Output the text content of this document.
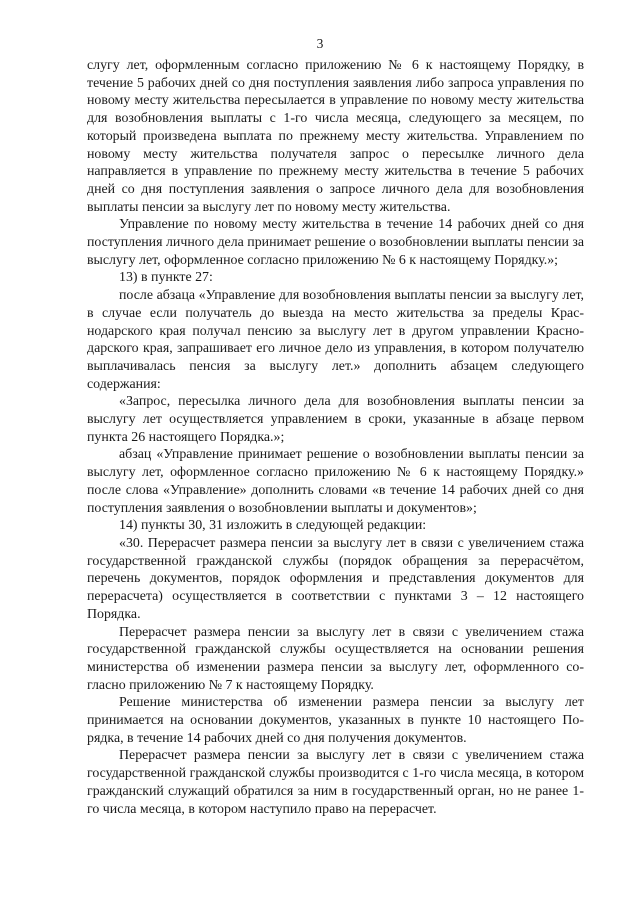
3

слугу лет, оформленным согласно приложению № 6 к настоящему Порядку, в течение 5 рабочих дней со дня поступления заявления либо запроса управления по новому месту жительства пересылается в управление по новому месту жительства для возобновления выплаты с 1-го числа месяца, следующего за месяцем, по который произведена выплата по прежнему месту жительства. Управлением по новому месту жительства получателя запрос о пересылке личного дела направляется в управление по прежнему месту жительства в течение 5 рабочих дней со дня поступления заявления о запросе личного дела для возобновления выплаты пенсии за выслугу лет по новому месту жительства.

Управление по новому месту жительства в течение 14 рабочих дней со дня поступления личного дела принимает решение о возобновлении выплаты пенсии за выслугу лет, оформленное согласно приложению № 6 к настоящему Порядку.»;

13) в пункте 27:

после абзаца «Управление для возобновления выплаты пенсии за выслугу лет, в случае если получатель до выезда на место жительства за пределы Краснодарского края получал пенсию за выслугу лет в другом управлении Краснодарского края, запрашивает его личное дело из управления, в котором получателю выплачивалась пенсия за выслугу лет.» дополнить абзацем следующего содержания:

«Запрос, пересылка личного дела для возобновления выплаты пенсии за выслугу лет осуществляется управлением в сроки, указанные в абзаце первом пункта 26 настоящего Порядка.»;

абзац «Управление принимает решение о возобновлении выплаты пенсии за выслугу лет, оформленное согласно приложению № 6 к настоящему Порядку.» после слова «Управление» дополнить словами «в течение 14 рабочих дней со дня поступления заявления о возобновлении выплаты и документов»;

14) пункты 30, 31 изложить в следующей редакции:

«30. Перерасчет размера пенсии за выслугу лет в связи с увеличением стажа государственной гражданской службы (порядок обращения за перерасчётом, перечень документов, порядок оформления и представления документов для перерасчета) осуществляется в соответствии с пунктами 3 – 12 настоящего Порядка.

Перерасчет размера пенсии за выслугу лет в связи с увеличением стажа государственной гражданской службы осуществляется на основании решения министерства об изменении размера пенсии за выслугу лет, оформленного согласно приложению № 7 к настоящему Порядку.

Решение министерства об изменении размера пенсии за выслугу лет принимается на основании документов, указанных в пункте 10 настоящего Порядка, в течение 14 рабочих дней со дня получения документов.

Перерасчет размера пенсии за выслугу лет в связи с увеличением стажа государственной гражданской службы производится с 1-го числа месяца, в котором гражданский служащий обратился за ним в государственный орган, но не ранее 1-го числа месяца, в котором наступило право на перерасчет.
